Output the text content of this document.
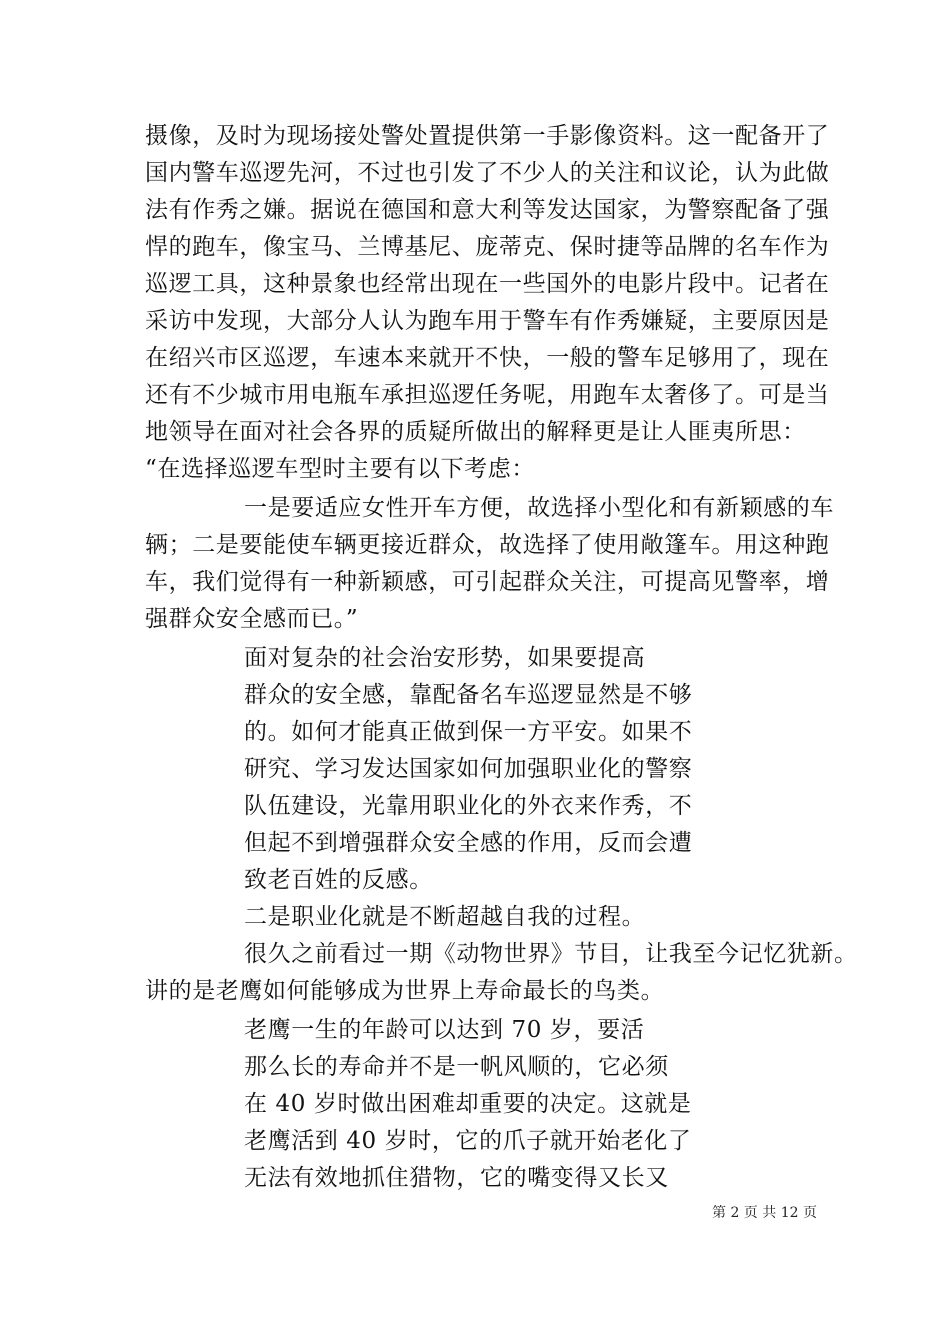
摄像，及时为现场接处警处置提供第一手影像资料。这一配备开了
国内警车巡逻先河，不过也引发了不少人的关注和议论，认为此做
法有作秀之嫌。据说在德国和意大利等发达国家，为警察配备了强
悍的跑车，像宝马、兰博基尼、庞蒂克、保时捷等品牌的名车作为
巡逻工具，这种景象也经常出现在一些国外的电影片段中。记者在
采访中发现，大部分人认为跑车用于警车有作秀嫌疑，主要原因是
在绍兴市区巡逻，车速本来就开不快，一般的警车足够用了，现在
还有不少城市用电瓶车承担巡逻任务呢，用跑车太奢侈了。可是当
地领导在面对社会各界的质疑所做出的解释更是让人匪夷所思：
“在选择巡逻车型时主要有以下考虑：
一是要适应女性开车方便，故选择小型化和有新颖感的车
辆；二是要能使车辆更接近群众，故选择了使用敞篷车。用这种跑
车，我们觉得有一种新颖感，可引起群众关注，可提高见警率，增
强群众安全感而已。”
面对复杂的社会治安形势，如果要提高
群众的安全感，靠配备名车巡逻显然是不够
的。如何才能真正做到保一方平安。如果不
研究、学习发达国家如何加强职业化的警察
队伍建设，光靠用职业化的外衣来作秀，不
但起不到增强群众安全感的作用，反而会遭
致老百姓的反感。
二是职业化就是不断超越自我的过程。
很久之前看过一期《动物世界》节目，让我至今记忆犹新。
讲的是老鹰如何能够成为世界上寿命最长的鸟类。
老鹰一生的年龄可以达到 70 岁，要活
那么长的寿命并不是一帆风顺的，它必须
在 40 岁时做出困难却重要的决定。这就是
老鹰活到 40 岁时，它的爪子就开始老化了
无法有效地抓住猎物，它的嘴变得又长又
第 2 页 共 12 页
